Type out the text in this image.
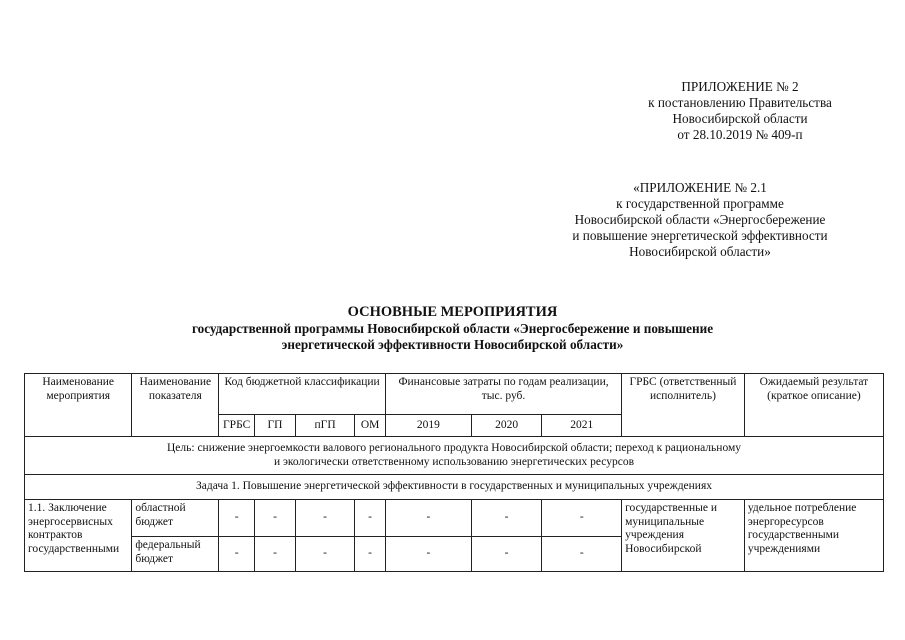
ПРИЛОЖЕНИЕ № 2
к постановлению Правительства
Новосибирской области
от 28.10.2019 № 409-п
«ПРИЛОЖЕНИЕ № 2.1
к государственной программе
Новосибирской области «Энергосбережение
и повышение энергетической эффективности
Новосибирской области»
ОСНОВНЫЕ МЕРОПРИЯТИЯ
государственной программы Новосибирской области «Энергосбережение и повышение
энергетической эффективности Новосибирской области»
Наименование мероприятия	Наименование показателя	Код бюджетной классификации				Финансовые затраты по годам реализации, тыс. руб.			ГРБС (ответственный исполнитель)	Ожидаемый результат (краткое описание)
		ГРБС	ГП	пГП	ОМ	2019	2020	2021		

Цель: снижение энергоемкости валового регионального продукта Новосибирской области; переход к рациональному
и экологически ответственному использованию энергетических ресурсов										

Задача 1. Повышение энергетической эффективности в государственных и муниципальных учреждениях										
1.1. Заключение энергосервисных контрактов государственными	областной бюджет	-	-	-	-	-	-	-	государственные и муниципальные учреждения Новосибирской	удельное потребление энергоресурсов государственными учреждениями
	федеральный бюджет	-	-	-	-	-	-	-		
